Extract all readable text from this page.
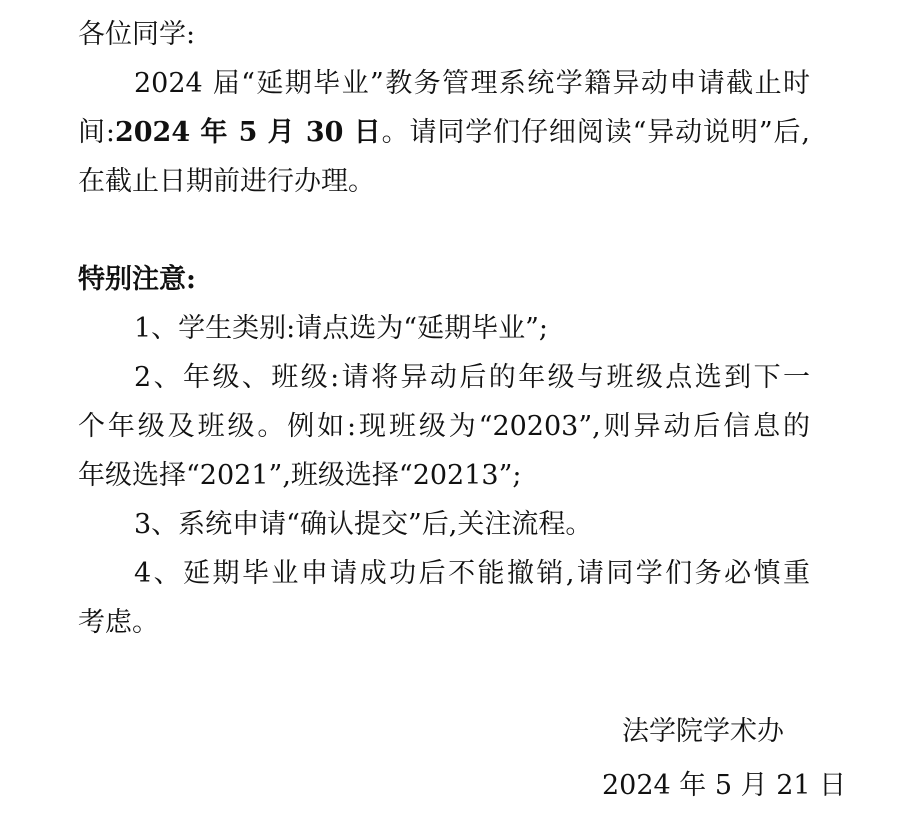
各位同学:
2024 届“延期毕业”教务管理系统学籍异动申请截止时
间:2024 年 5 月 30 日。请同学们仔细阅读“异动说明”后,
在截止日期前进行办理。
特别注意:
1、学生类别:请点选为“延期毕业”;
2、年级、班级:请将异动后的年级与班级点选到下一
个年级及班级。例如:现班级为“20203”,则异动后信息的
年级选择“2021”,班级选择“20213”;
3、系统申请“确认提交”后,关注流程。
4、延期毕业申请成功后不能撤销,请同学们务必慎重
考虑。
法学院学术办
2024 年 5 月 21 日
